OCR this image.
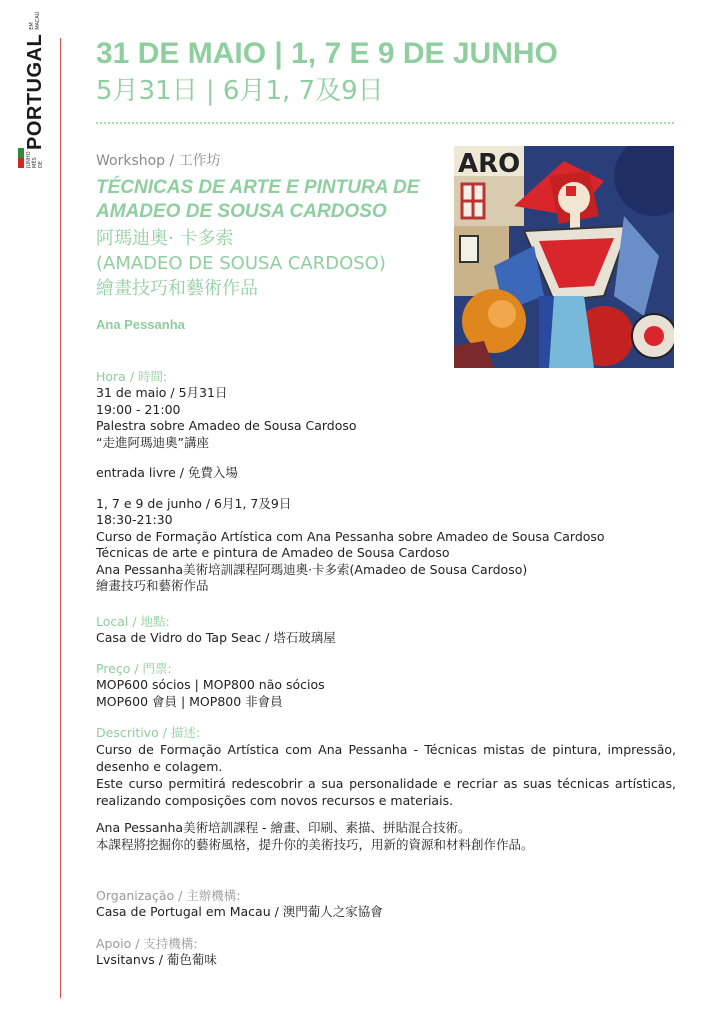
JUNHO MÊS DE
PORTUGAL
EM MACAU
31 DE MAIO | 1, 7 E 9 DE JUNHO

5月31日 | 6月1, 7及9日

Workshop / 工作坊

TÉCNICAS DE ARTE E PINTURA DE

AMADEO DE SOUSA CARDOSO

阿瑪迪奧· 卡多索

(AMADEO DE SOUSA CARDOSO)

繪畫技巧和藝術作品

Ana Pessanha

ARO

Hora / 時間:

31 de maio / 5月31日

19:00 - 21:00

Palestra sobre Amadeo de Sousa Cardoso

“走進阿瑪迪奧”講座

entrada livre / 免費入場

1, 7 e 9 de junho / 6月1, 7及9日

18:30-21:30

Curso de Formação Artística com Ana Pessanha sobre Amadeo de Sousa Cardoso

Técnicas de arte e pintura de Amadeo de Sousa Cardoso

Ana Pessanha美術培訓課程阿瑪迪奧·卡多索(Amadeo de Sousa Cardoso)

繪畫技巧和藝術作品

Local / 地點:

Casa de Vidro do Tap Seac / 塔石玻璃屋

Preço / 門票:

MOP600 sócios | MOP800 não sócios

MOP600 會員 | MOP800 非會員

Descritivo / 描述:

Curso de Formação Artística com Ana Pessanha - Técnicas mistas de pintura, impressão, desenho e colagem.

Este curso permitirá redescobrir a sua personalidade e recriar as suas técnicas artísticas, realizando composições com novos recursos e materiais.

Ana Pessanha美術培訓課程 - 繪畫、印刷、素描、拼貼混合技術。

本課程將挖掘你的藝術風格，提升你的美術技巧，用新的資源和材料創作作品。

Organização / 主辦機構:

Casa de Portugal em Macau / 澳門葡人之家協會

Apoio / 支持機構:

Lvsitanvs / 葡色葡味
